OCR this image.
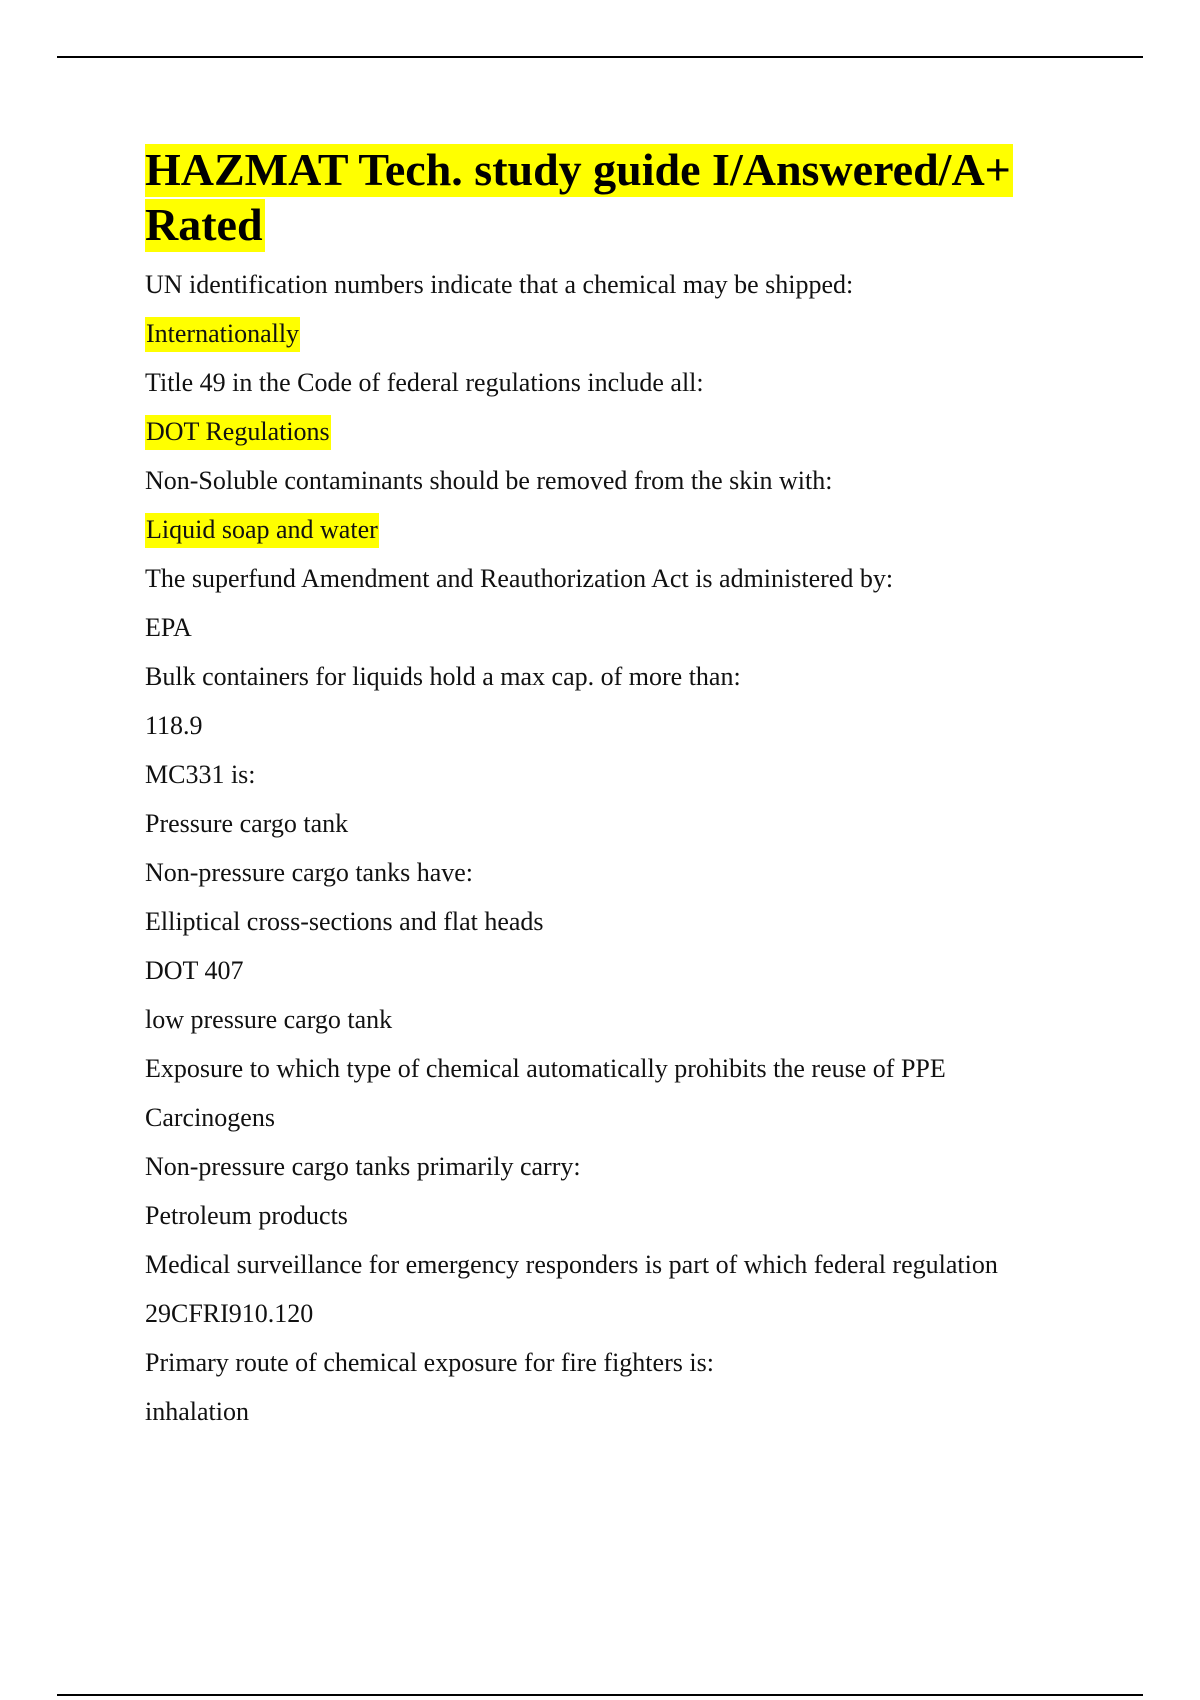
HAZMAT Tech. study guide I/Answered/A+ Rated
UN identification numbers indicate that a chemical may be shipped:
Internationally
Title 49 in the Code of federal regulations include all:
DOT Regulations
Non-Soluble contaminants should be removed from the skin with:
Liquid soap and water
The superfund Amendment and Reauthorization Act is administered by:
EPA
Bulk containers for liquids hold a max cap. of more than:
118.9
MC331 is:
Pressure cargo tank
Non-pressure cargo tanks have:
Elliptical cross-sections and flat heads
DOT 407
low pressure cargo tank
Exposure to which type of chemical automatically prohibits the reuse of PPE
Carcinogens
Non-pressure cargo tanks primarily carry:
Petroleum products
Medical surveillance for emergency responders is part of which federal regulation
29CFRI910.120
Primary route of chemical exposure for fire fighters is:
inhalation
